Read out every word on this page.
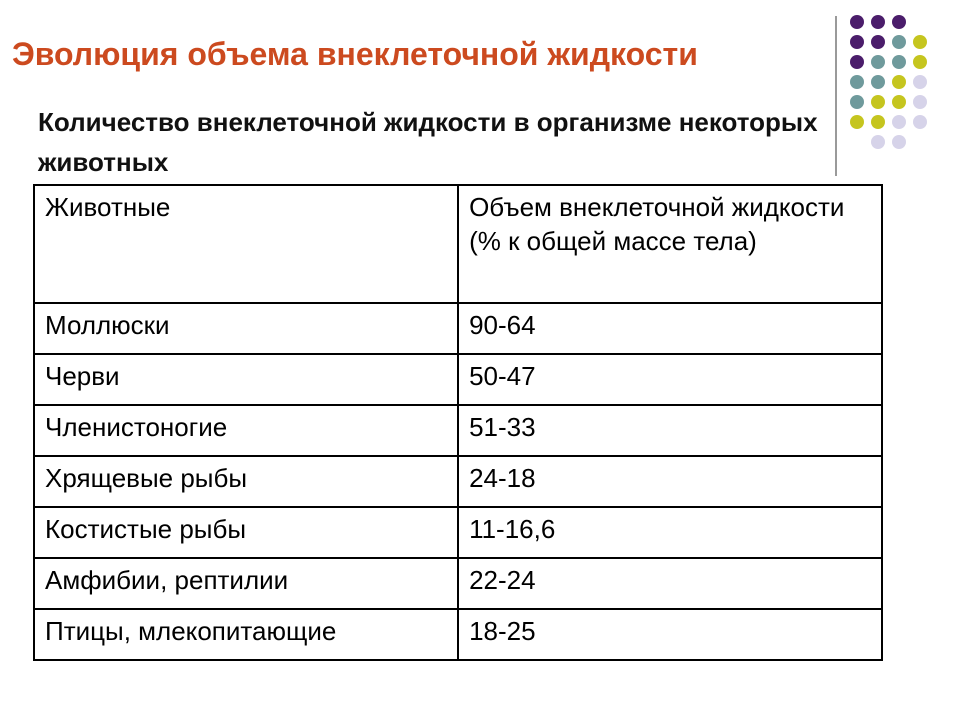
Эволюция объема внеклеточной жидкости

Количество внеклеточной жидкости в организме некоторых животных

Животные	Объем внеклеточной жидкости (% к общей массе тела)
Моллюски	90-64
Черви	50-47
Членистоногие	51-33
Хрящевые рыбы	24-18
Костистые рыбы	11-16,6
Амфибии, рептилии	22-24
Птицы, млекопитающие	18-25
